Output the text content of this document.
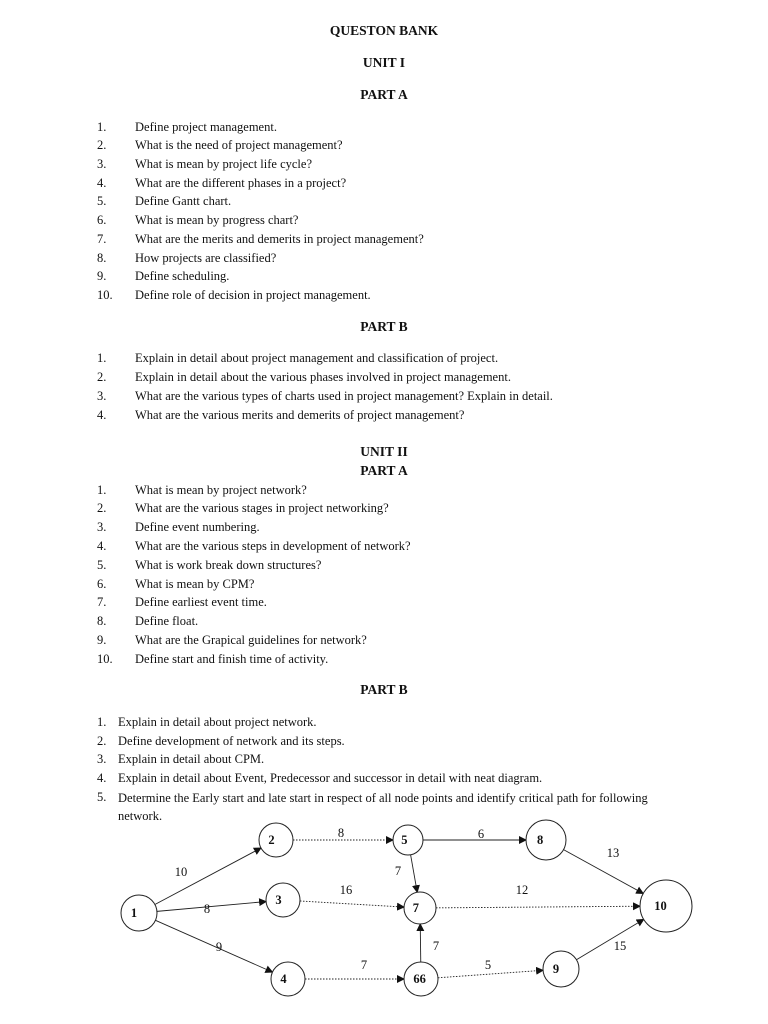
QUESTON BANK
UNIT I
PART A
1. Define project management.
2. What is the need of project management?
3. What is mean by project life cycle?
4. What are the different phases in a project?
5. Define Gantt chart.
6. What is mean by progress chart?
7. What are the merits and demerits in project management?
8. How projects are classified?
9. Define scheduling.
10. Define role of decision in project management.
PART B
1. Explain in detail about project management and classification of project.
2. Explain in detail about the various phases involved in project management.
3. What are the various types of charts used in project management? Explain in detail.
4. What are the various merits and demerits of project management?
UNIT II
PART A
1. What is mean by project network?
2. What are the various stages in project networking?
3. Define event numbering.
4. What are the various steps in development of network?
5. What is work break down structures?
6. What is mean by CPM?
7. Define earliest event time.
8. Define float.
9. What are the Grapical guidelines for network?
10. Define start and finish time of activity.
PART B
1. Explain in detail about project network.
2. Define development of network and its steps.
3. Explain in detail about CPM.
4. Explain in detail about Event, Predecessor and successor in detail with neat diagram.
5. Determine the Early start and late start in respect of all node points and identify critical path for following network.
10
8
9
8	6
7
16	12
13
7
7
5
15
1
2
3
4
5
7
66
8
9
10
